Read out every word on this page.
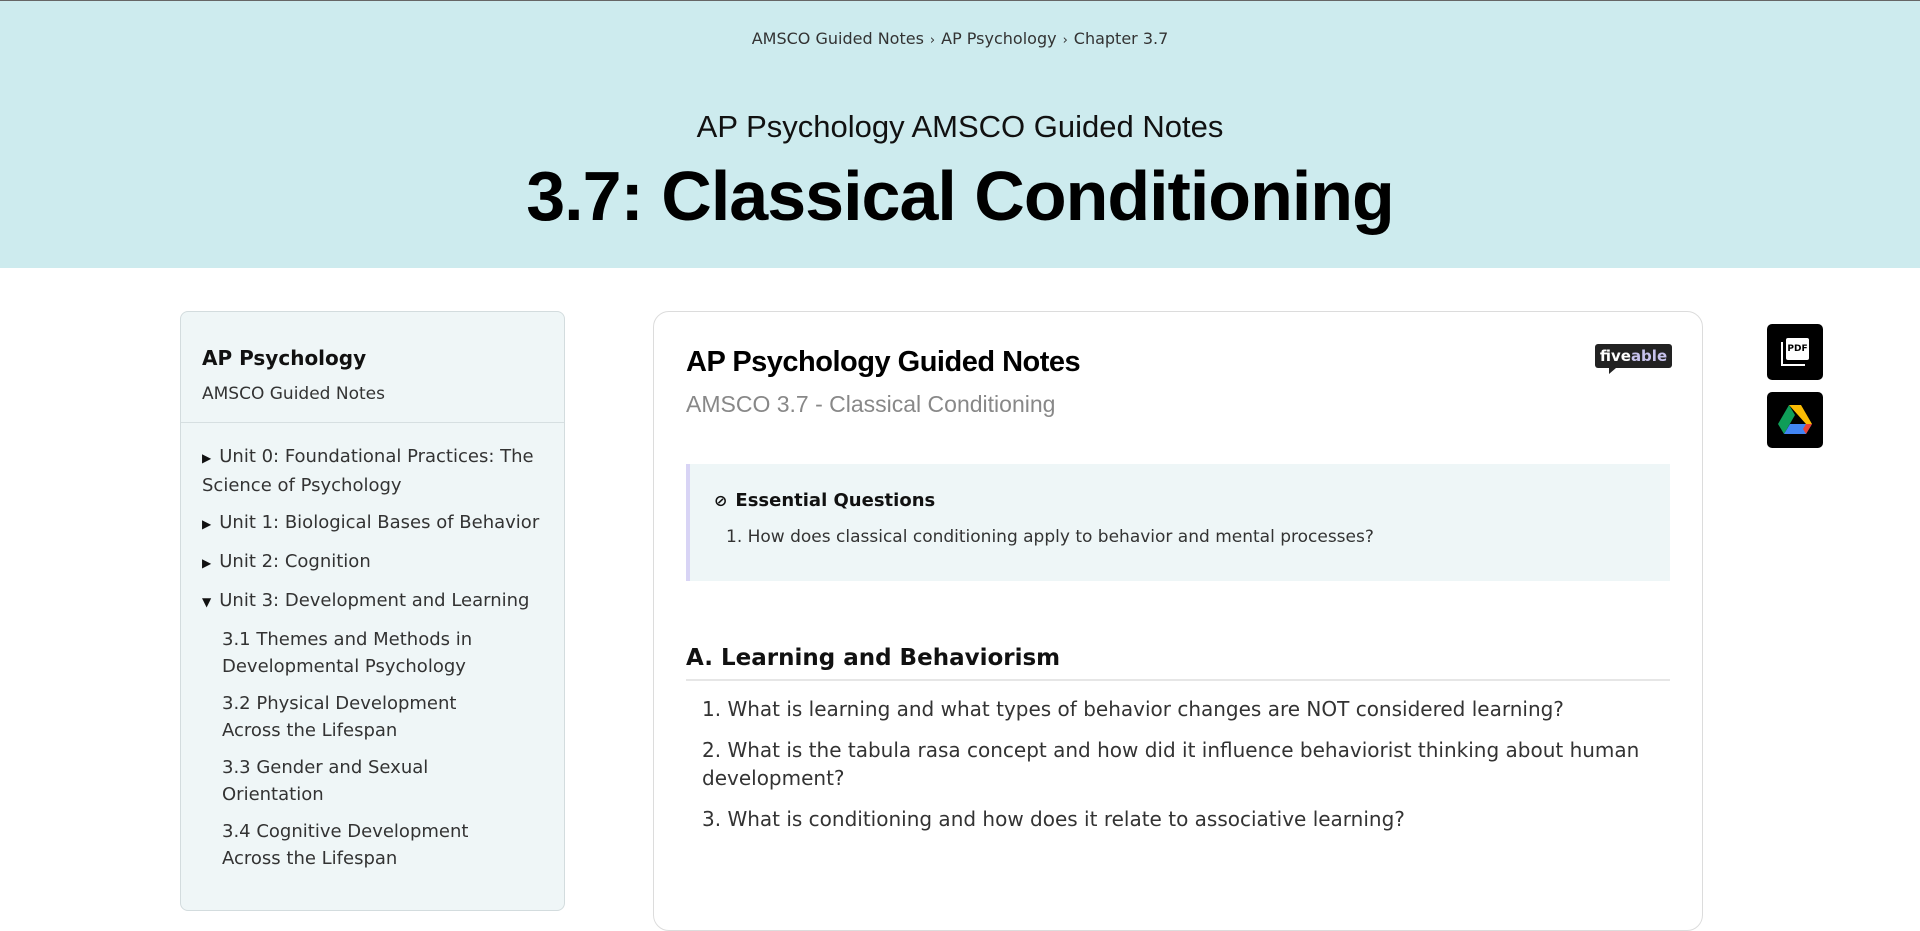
AMSCO Guided Notes › AP Psychology › Chapter 3.7
AP Psychology AMSCO Guided Notes
3.7: Classical Conditioning
AP Psychology
AMSCO Guided Notes
▶ Unit 0: Foundational Practices: The Science of Psychology
▶ Unit 1: Biological Bases of Behavior
▶ Unit 2: Cognition
▼ Unit 3: Development and Learning
3.1 Themes and Methods in Developmental Psychology
3.2 Physical Development Across the Lifespan
3.3 Gender and Sexual Orientation
3.4 Cognitive Development Across the Lifespan
fiveable
AP Psychology Guided Notes
AMSCO 3.7 - Classical Conditioning
⊘ Essential Questions
1. How does classical conditioning apply to behavior and mental processes?
A. Learning and Behaviorism
1. What is learning and what types of behavior changes are NOT considered learning?
2. What is the tabula rasa concept and how did it influence behaviorist thinking about human development?
3. What is conditioning and how does it relate to associative learning?
PDF
